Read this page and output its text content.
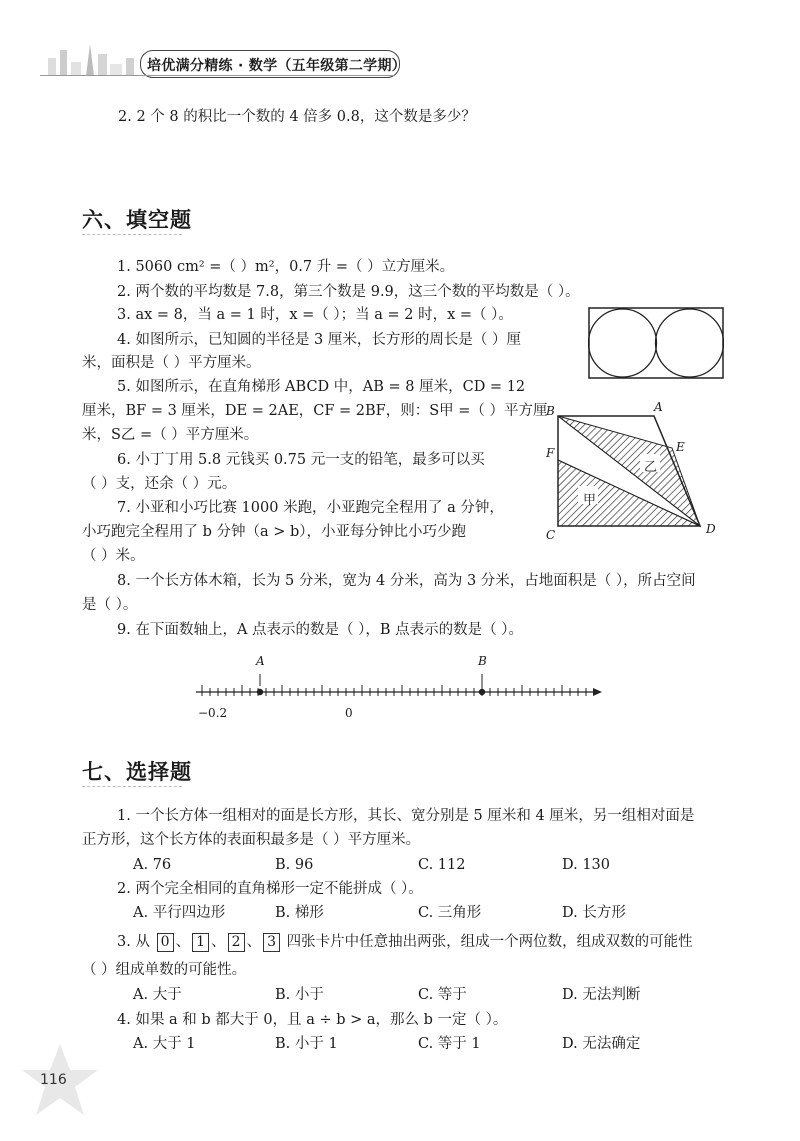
培优满分精练 · 数学（五年级第二学期）
2. 2 个 8 的积比一个数的 4 倍多 0.8，这个数是多少？
六、填空题
1. 5060 cm² =（ ）m²，0.7 升 =（ ）立方厘米。
2. 两个数的平均数是 7.8，第三个数是 9.9，这三个数的平均数是（ ）。
3. ax = 8，当 a = 1 时，x =（ ）；当 a = 2 时，x =（ ）。
4. 如图所示，已知圆的半径是 3 厘米，长方形的周长是（ ）厘
米，面积是（ ）平方厘米。
5. 如图所示，在直角梯形 ABCD 中，AB = 8 厘米，CD = 12
厘米，BF = 3 厘米，DE = 2AE，CF = 2BF，则：S甲 =（ ）平方厘
米，S乙 =（ ）平方厘米。
6. 小丁丁用 5.8 元钱买 0.75 元一支的铅笔，最多可以买
（ ）支，还余（ ）元。
7. 小亚和小巧比赛 1000 米跑，小亚跑完全程用了 a 分钟，
小巧跑完全程用了 b 分钟（a > b），小亚每分钟比小巧少跑
（ ）米。
8. 一个长方体木箱，长为 5 分米，宽为 4 分米，高为 3 分米，占地面积是（ ），所占空间
是（ ）。
9. 在下面数轴上，A 点表示的数是（ ），B 点表示的数是（ ）。
B	A
E
F
C	D
甲
乙
A	B
−0.2	0
七、选择题
1. 一个长方体一组相对的面是长方形，其长、宽分别是 5 厘米和 4 厘米，另一组相对面是
正方形，这个长方体的表面积最多是（ ）平方厘米。
A. 76	B. 96	C. 112	D. 130
2. 两个完全相同的直角梯形一定不能拼成（ ）。
A. 平行四边形	B. 梯形	C. 三角形	D. 长方形
3. 从 0 、 1 、 2 、 3 四张卡片中任意抽出两张，组成一个两位数，组成双数的可能性
（ ）组成单数的可能性。
A. 大于	B. 小于	C. 等于	D. 无法判断
4. 如果 a 和 b 都大于 0，且 a ÷ b > a，那么 b 一定（ ）。
A. 大于 1	B. 小于 1	C. 等于 1	D. 无法确定
116
